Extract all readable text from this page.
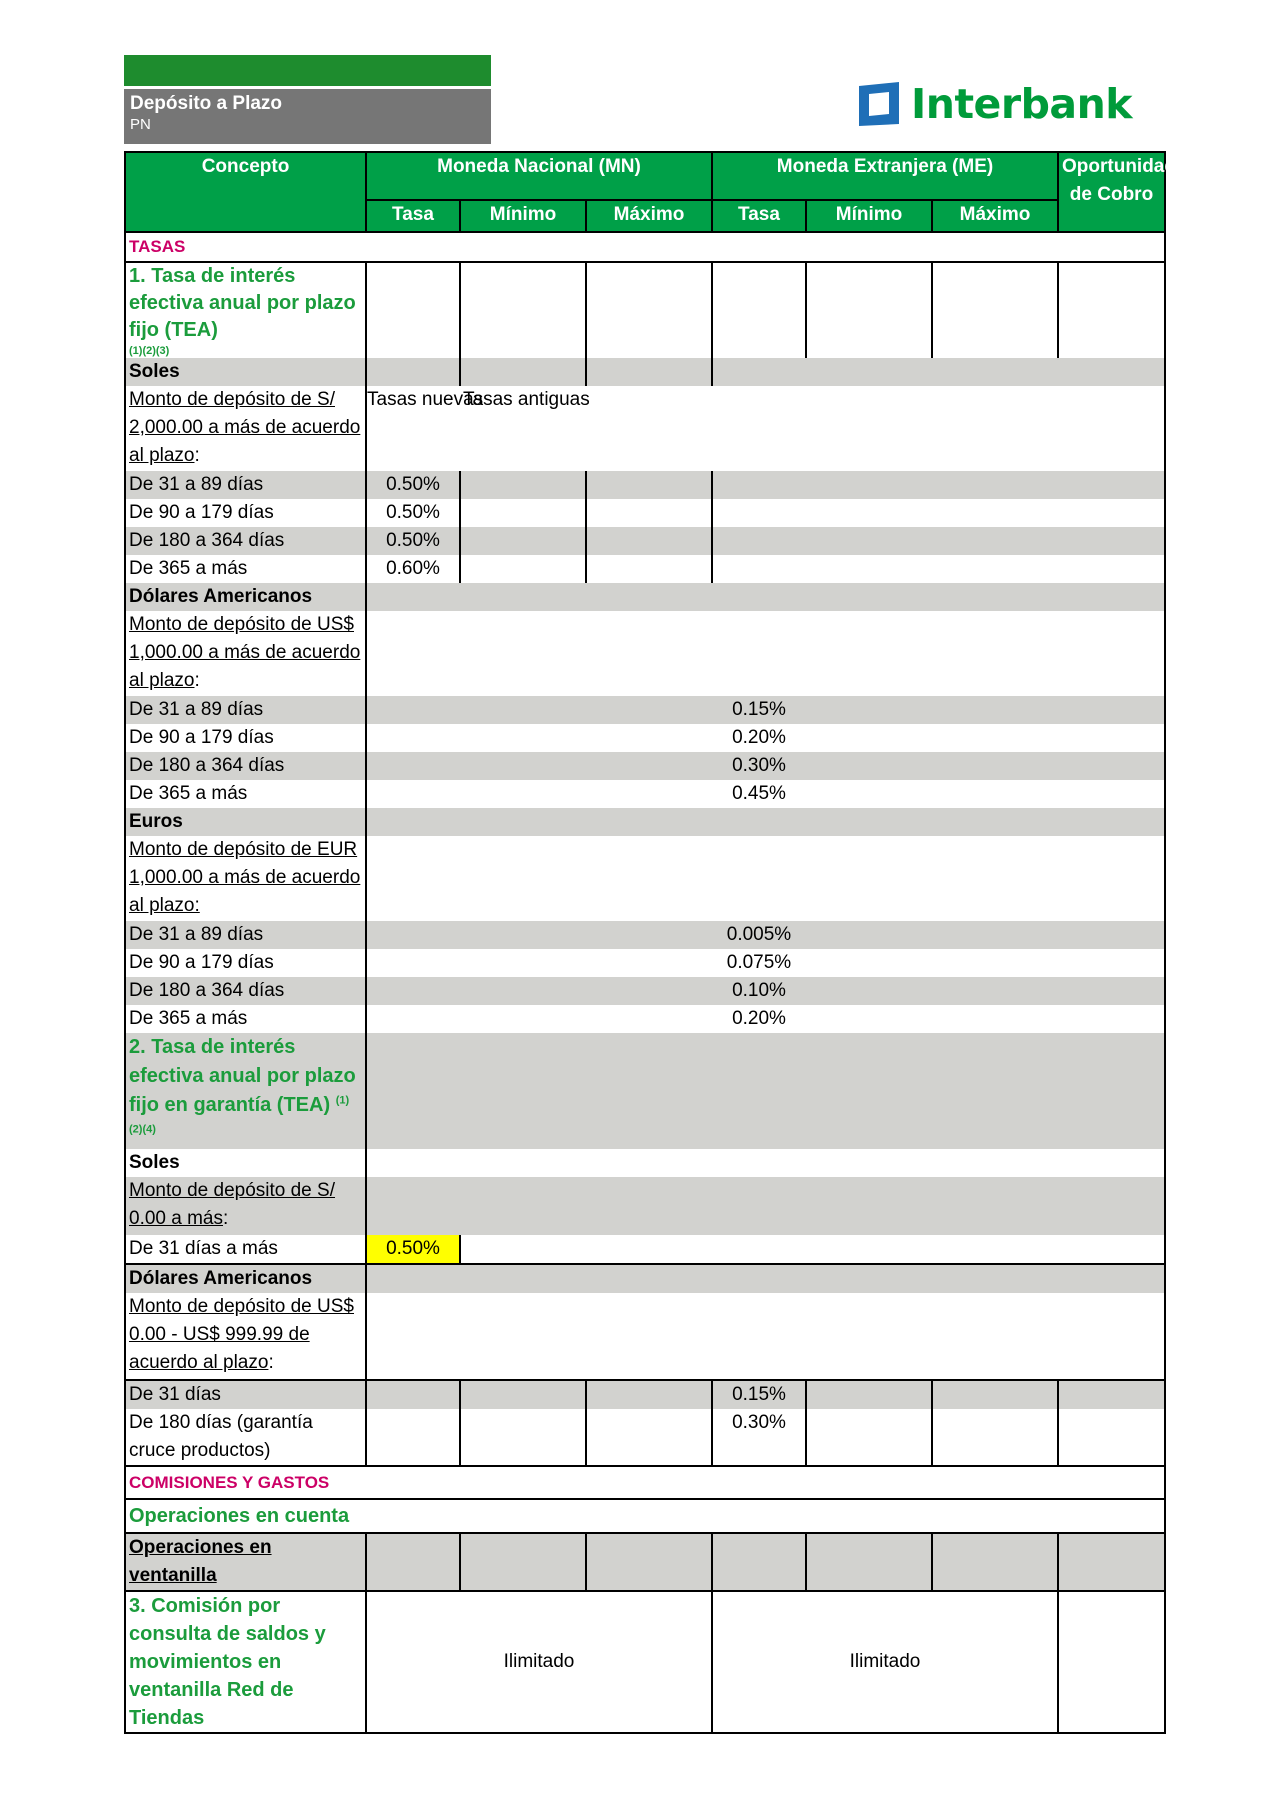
Depósito a Plazo
PN	Interbank
Concepto	Moneda Nacional (MN)			Moneda Extranjera (ME)			Oportunidad de Cobro
	Tasa	Mínimo	Máximo	Tasa	Mínimo	Máximo	
TASAS							
1. Tasa de interés efectiva anual por plazo fijo (TEA)
(1)(2)(3)							

Soles							
Monto de depósito de S/ 2,000.00 a más de acuerdo al plazo:	Tasas nuevas	Tasas antiguas					
De 31 a 89 días	0.50%						
De 90 a 179 días	0.50%						
De 180 a 364 días	0.50%						
De 365 a más	0.60%						
Dólares Americanos							
Monto de depósito de US$ 1,000.00 a más de acuerdo al plazo:							
De 31 a 89 días				0.15%			
De 90 a 179 días				0.20%			
De 180 a 364 días				0.30%			
De 365 a más				0.45%			
Euros							
Monto de depósito de EUR 1,000.00 a más de acuerdo al plazo:							
De 31 a 89 días				0.005%			
De 90 a 179 días				0.075%			
De 180 a 364 días				0.10%			
De 365 a más				0.20%			
2. Tasa de interés efectiva anual por plazo fijo en garantía (TEA) $^{(1)(2)(4)}$							
Soles							
Monto de depósito de S/ 0.00 a más:							
De 31 días a más	0.50%						
Dólares Americanos							
Monto de depósito de US$ 0.00 - US$ 999.99 de acuerdo al plazo:							
De 31 días				0.15%			
De 180 días (garantía cruce productos)				0.30%			
COMISIONES Y GASTOS							
Operaciones en cuenta							
Operaciones en ventanilla							
3. Comisión por consulta de saldos y movimientos en ventanilla Red de Tiendas	Ilimitado			Ilimitado			
